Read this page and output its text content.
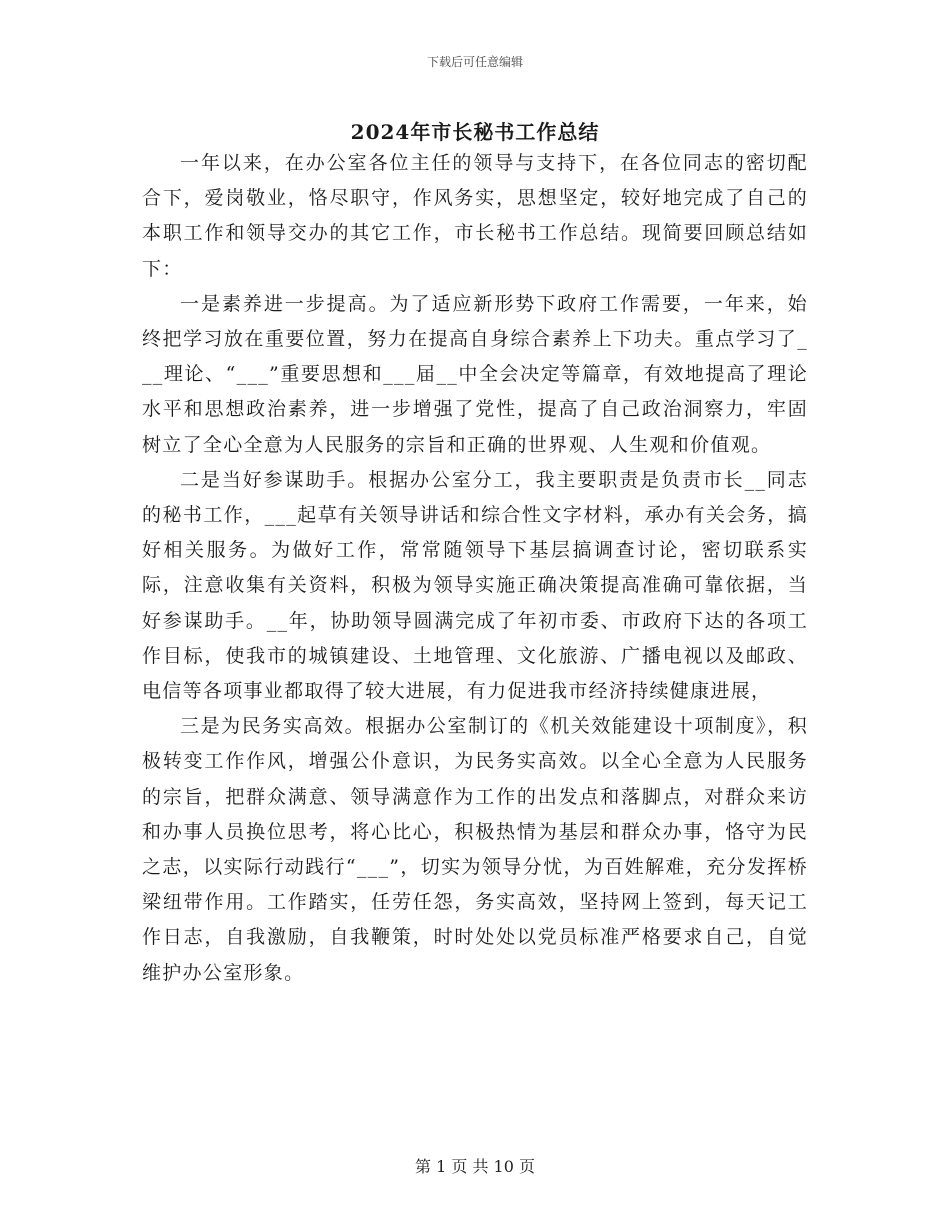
下载后可任意编辑
2024年市长秘书工作总结

一年以来，在办公室各位主任的领导与支持下，在各位同志的密切配合下，爱岗敬业，恪尽职守，作风务实，思想坚定，较好地完成了自己的本职工作和领导交办的其它工作，市长秘书工作总结。现简要回顾总结如下：

一是素养进一步提高。为了适应新形势下政府工作需要，一年来，始终把学习放在重要位置，努力在提高自身综合素养上下功夫。重点学习了___理论、“___”重要思想和___届__中全会决定等篇章，有效地提高了理论水平和思想政治素养，进一步增强了党性，提高了自己政治洞察力，牢固树立了全心全意为人民服务的宗旨和正确的世界观、人生观和价值观。

二是当好参谋助手。根据办公室分工，我主要职责是负责市长__同志的秘书工作，___起草有关领导讲话和综合性文字材料，承办有关会务，搞好相关服务。为做好工作，常常随领导下基层搞调查讨论，密切联系实际，注意收集有关资料，积极为领导实施正确决策提高准确可靠依据，当好参谋助手。__年，协助领导圆满完成了年初市委、市政府下达的各项工作目标，使我市的城镇建设、土地管理、文化旅游、广播电视以及邮政、电信等各项事业都取得了较大进展，有力促进我市经济持续健康进展，

三是为民务实高效。根据办公室制订的《机关效能建设十项制度》，积极转变工作作风，增强公仆意识，为民务实高效。以全心全意为人民服务的宗旨，把群众满意、领导满意作为工作的出发点和落脚点，对群众来访和办事人员换位思考，将心比心，积极热情为基层和群众办事，恪守为民之志，以实际行动践行“___”，切实为领导分忧，为百姓解难，充分发挥桥梁纽带作用。工作踏实，任劳任怨，务实高效，坚持网上签到，每天记工作日志，自我激励，自我鞭策，时时处处以党员标准严格要求自己，自觉维护办公室形象。

第 1 页 共 10 页
